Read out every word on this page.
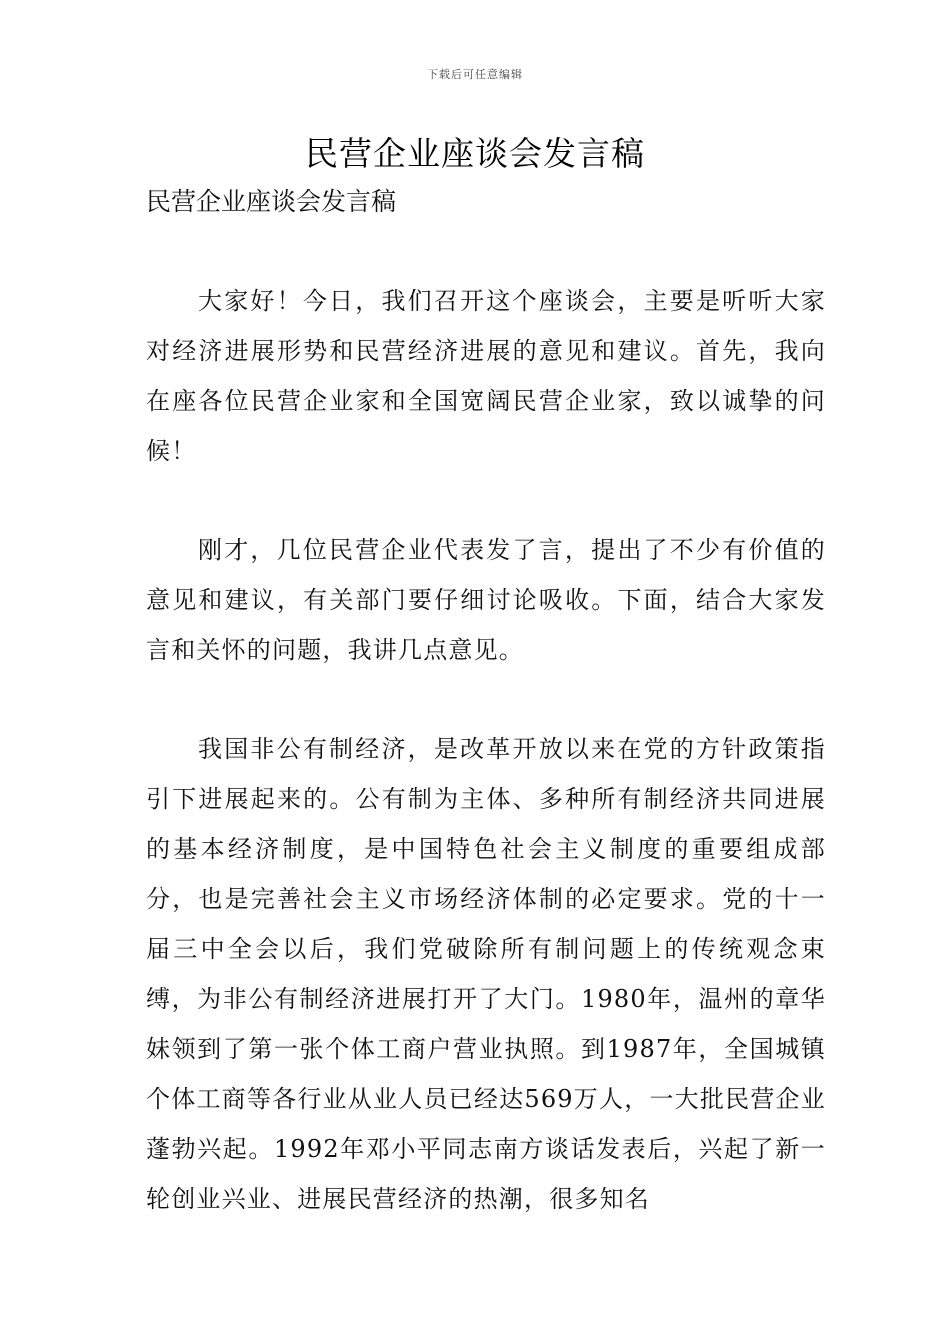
下载后可任意编辑
民营企业座谈会发言稿

民营企业座谈会发言稿

大家好！今日，我们召开这个座谈会，主要是听听大家对经济进展形势和民营经济进展的意见和建议。首先，我向在座各位民营企业家和全国宽阔民营企业家，致以诚挚的问候！

刚才，几位民营企业代表发了言，提出了不少有价值的意见和建议，有关部门要仔细讨论吸收。下面，结合大家发言和关怀的问题，我讲几点意见。

我国非公有制经济，是改革开放以来在党的方针政策指引下进展起来的。公有制为主体、多种所有制经济共同进展的基本经济制度，是中国特色社会主义制度的重要组成部分，也是完善社会主义市场经济体制的必定要求。党的十一届三中全会以后，我们党破除所有制问题上的传统观念束缚，为非公有制经济进展打开了大门。1980年，温州的章华妹领到了第一张个体工商户营业执照。到1987年，全国城镇个体工商等各行业从业人员已经达569万人，一大批民营企业蓬勃兴起。1992年邓小平同志南方谈话发表后，兴起了新一轮创业兴业、进展民营经济的热潮，很多知名
